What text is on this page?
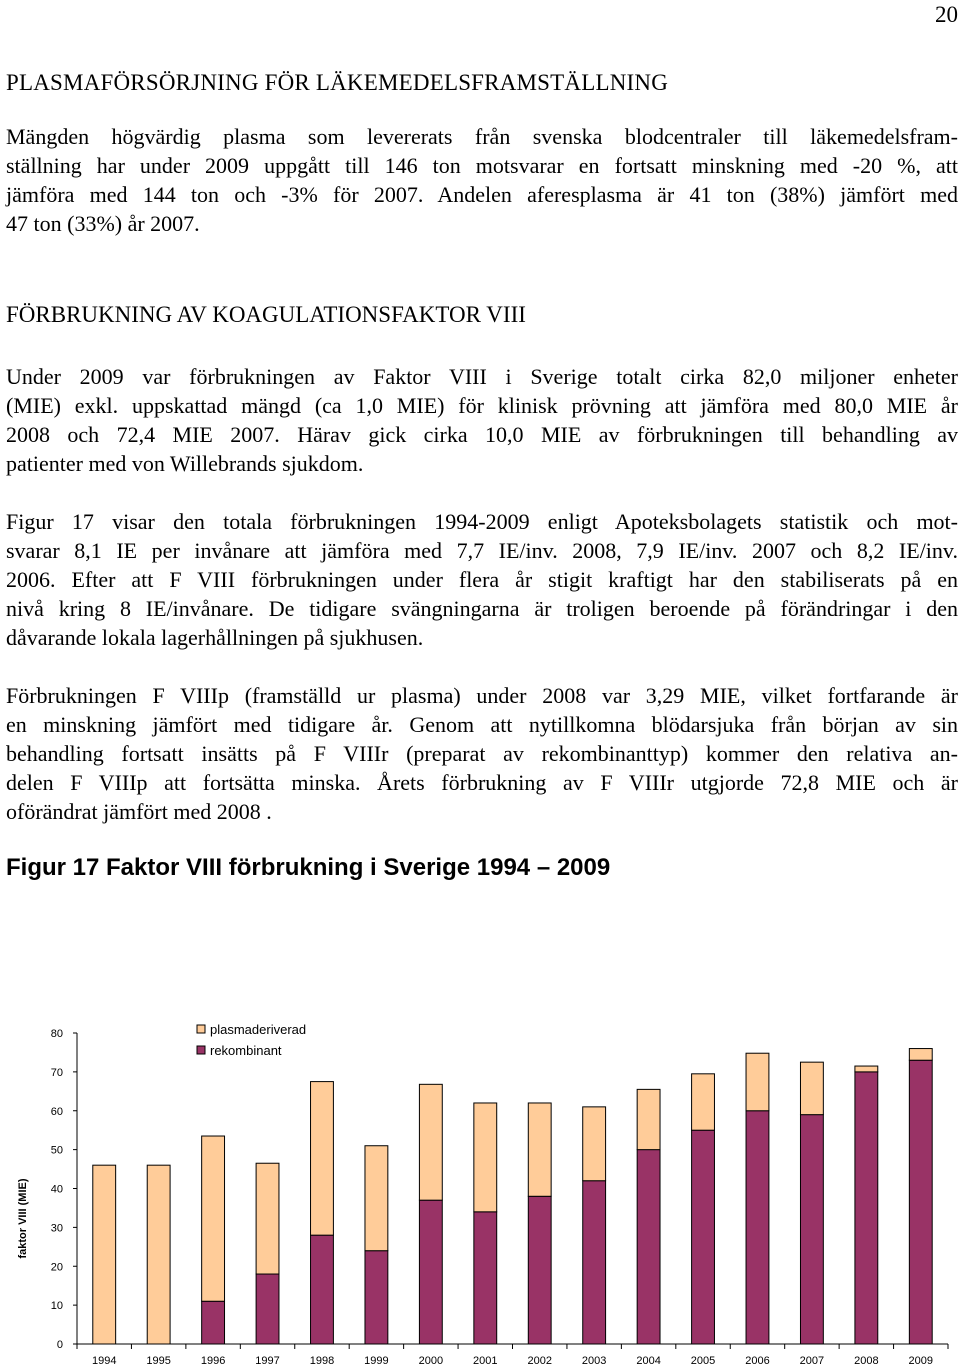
20
PLASMAFÖRSÖRJNING FÖR LÄKEMEDELSFRAMSTÄLLNING
Mängden högvärdig plasma som levererats från svenska blodcentraler till läkemedelsfram-
ställning har under 2009 uppgått till 146 ton motsvarar en fortsatt minskning med -20 %, att
jämföra med 144 ton och -3% för 2007. Andelen aferesplasma är 41 ton (38%) jämfört med
47 ton (33%) år 2007.
FÖRBRUKNING AV KOAGULATIONSFAKTOR VIII
Under 2009 var förbrukningen av Faktor VIII i Sverige totalt cirka 82,0 miljoner enheter
(MIE) exkl. uppskattad mängd (ca 1,0 MIE) för klinisk prövning att jämföra med 80,0 MIE år
2008 och 72,4 MIE 2007. Härav gick cirka 10,0 MIE av förbrukningen till behandling av
patienter med von Willebrands sjukdom.
Figur 17 visar den totala förbrukningen 1994-2009 enligt Apoteksbolagets statistik och mot-
svarar 8,1 IE per invånare att jämföra med 7,7 IE/inv. 2008, 7,9 IE/inv. 2007 och 8,2 IE/inv.
2006. Efter att F VIII förbrukningen under flera år stigit kraftigt har den stabiliserats på en
nivå kring 8 IE/invånare. De tidigare svängningarna är troligen beroende på förändringar i den
dåvarande lokala lagerhållningen på sjukhusen.
Förbrukningen F VIIIp (framställd ur plasma) under 2008 var 3,29 MIE, vilket fortfarande är
en minskning jämfört med tidigare år. Genom att nytillkomna blödarsjuka från början av sin
behandling fortsatt insätts på F VIIIr (preparat av rekombinanttyp) kommer den relativa an-
delen F VIIIp att fortsätta minska. Årets förbrukning av F VIIIr utgjorde 72,8 MIE och är
oförändrat jämfört med 2008 .
Figur 17 Faktor VIII förbrukning i Sverige 1994 – 2009
0
10
20
30
40
50
60
70
80
faktor VIII (MIE)
1994	1995	1996	1997	1998	1999	2000	2001	2002	2003	2004	2005	2006	2007	2008	2009
plasmaderiverad
rekombinant
